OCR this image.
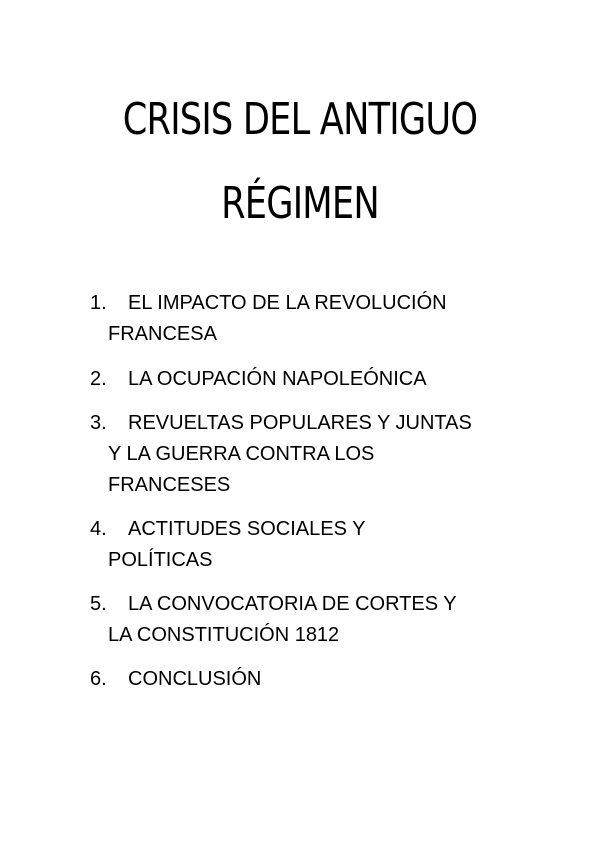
CRISIS DEL ANTIGUO
RÉGIMEN
1. EL IMPACTO DE LA REVOLUCIÓN
FRANCESA
2. LA OCUPACIÓN NAPOLEÓNICA
3. REVUELTAS POPULARES Y JUNTAS
Y LA GUERRA CONTRA LOS
FRANCESES
4. ACTITUDES SOCIALES Y
POLÍTICAS
5. LA CONVOCATORIA DE CORTES Y
LA CONSTITUCIÓN 1812
6. CONCLUSIÓN
